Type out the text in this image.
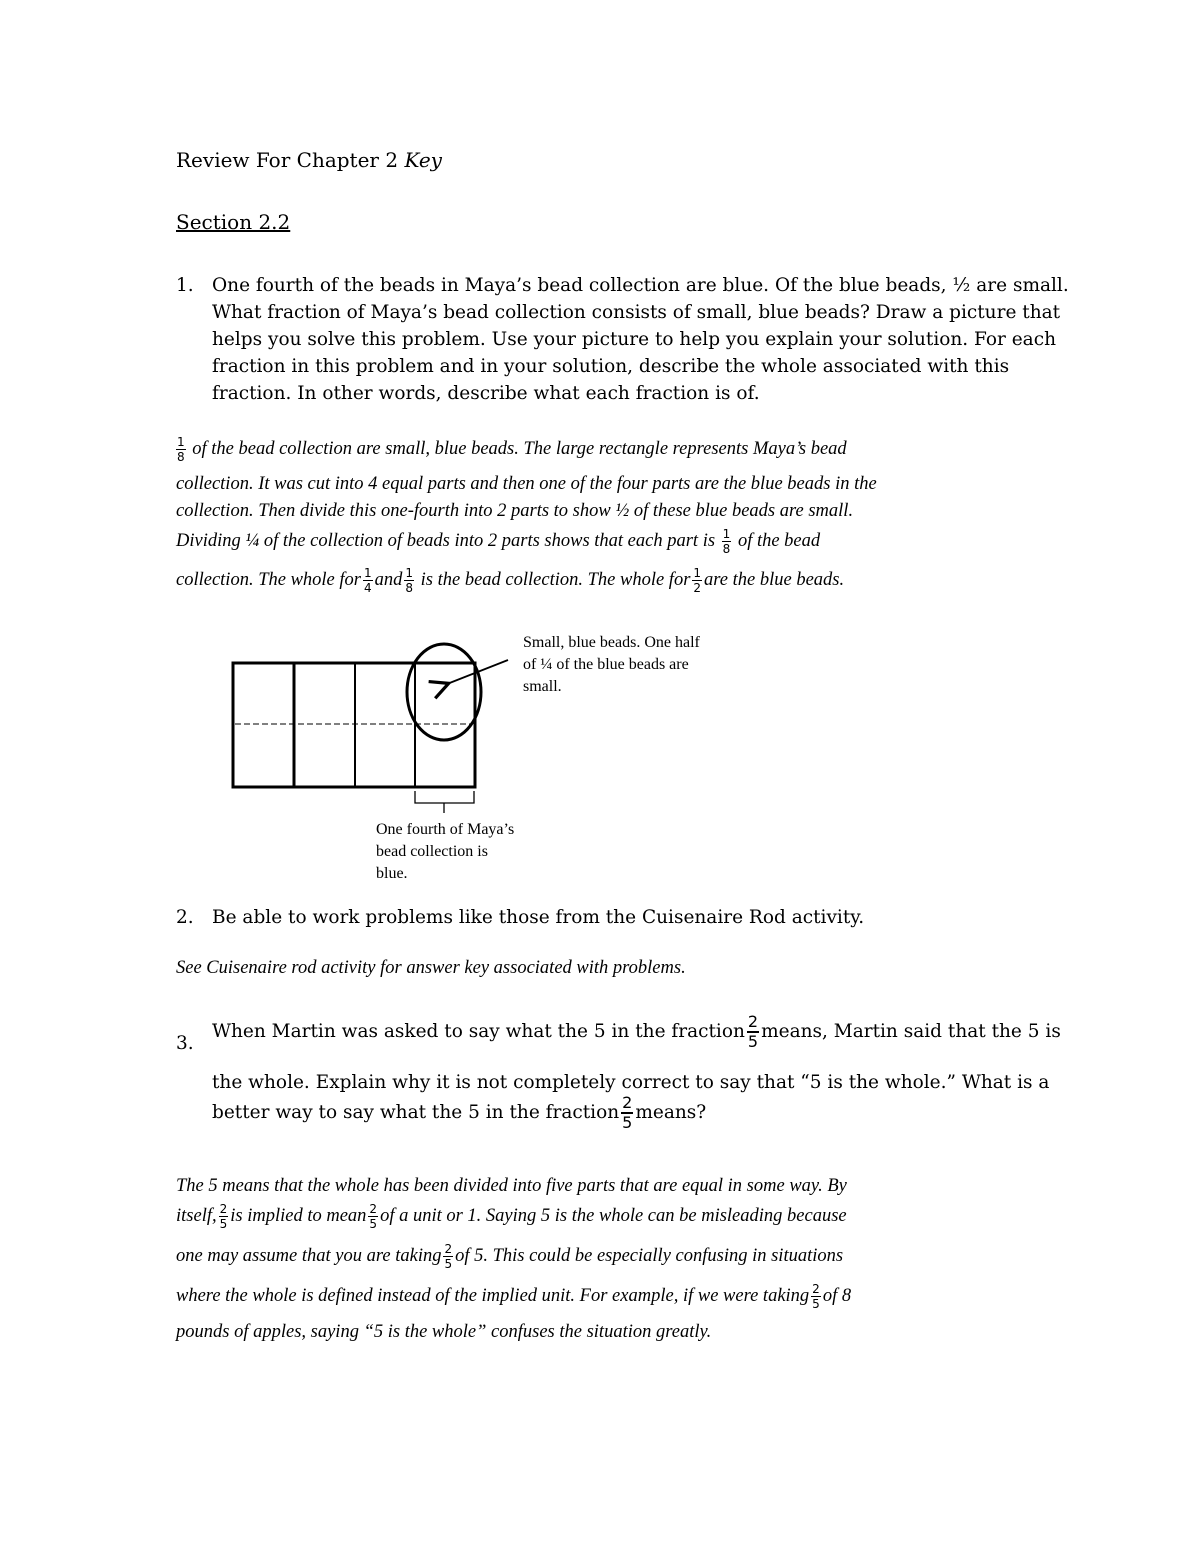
Review For Chapter 2 Key
Section 2.2
1. One fourth of the beads in Maya’s bead collection are blue. Of the blue beads, ½ are small.
What fraction of Maya’s bead collection consists of small, blue beads? Draw a picture that
helps you solve this problem. Use your picture to help you explain your solution. For each
fraction in this problem and in your solution, describe the whole associated with this
fraction. In other words, describe what each fraction is of.
$\frac{1}{8}$ of the bead collection are small, blue beads. The large rectangle represents Maya’s bead
collection. It was cut into 4 equal parts and then one of the four parts are the blue beads in the
collection. Then divide this one-fourth into 2 parts to show ½ of these blue beads are small.
Dividing ¼ of the collection of beads into 2 parts shows that each part is $\frac{1}{8}$ of the bead
collection. The whole for $\frac{1}{4}$ and $\frac{1}{8}$ is the bead collection. The whole for $\frac{1}{2}$ are the blue beads.
Small, blue beads. One half
of ¼ of the blue beads are
small.
One fourth of Maya’s
bead collection is
blue.
2. Be able to work problems like those from the Cuisenaire Rod activity.
See Cuisenaire rod activity for answer key associated with problems.
3.
When Martin was asked to say what the 5 in the fraction $\frac{2}{5}$ means, Martin said that the 5 is
the whole. Explain why it is not completely correct to say that “5 is the whole.” What is a
better way to say what the 5 in the fraction $\frac{2}{5}$ means?
The 5 means that the whole has been divided into five parts that are equal in some way. By
itself, $\frac{2}{5}$ is implied to mean $\frac{2}{5}$ of a unit or 1. Saying 5 is the whole can be misleading because
one may assume that you are taking $\frac{2}{5}$ of 5. This could be especially confusing in situations
where the whole is defined instead of the implied unit. For example, if we were taking $\frac{2}{5}$ of 8
pounds of apples, saying “5 is the whole” confuses the situation greatly.
